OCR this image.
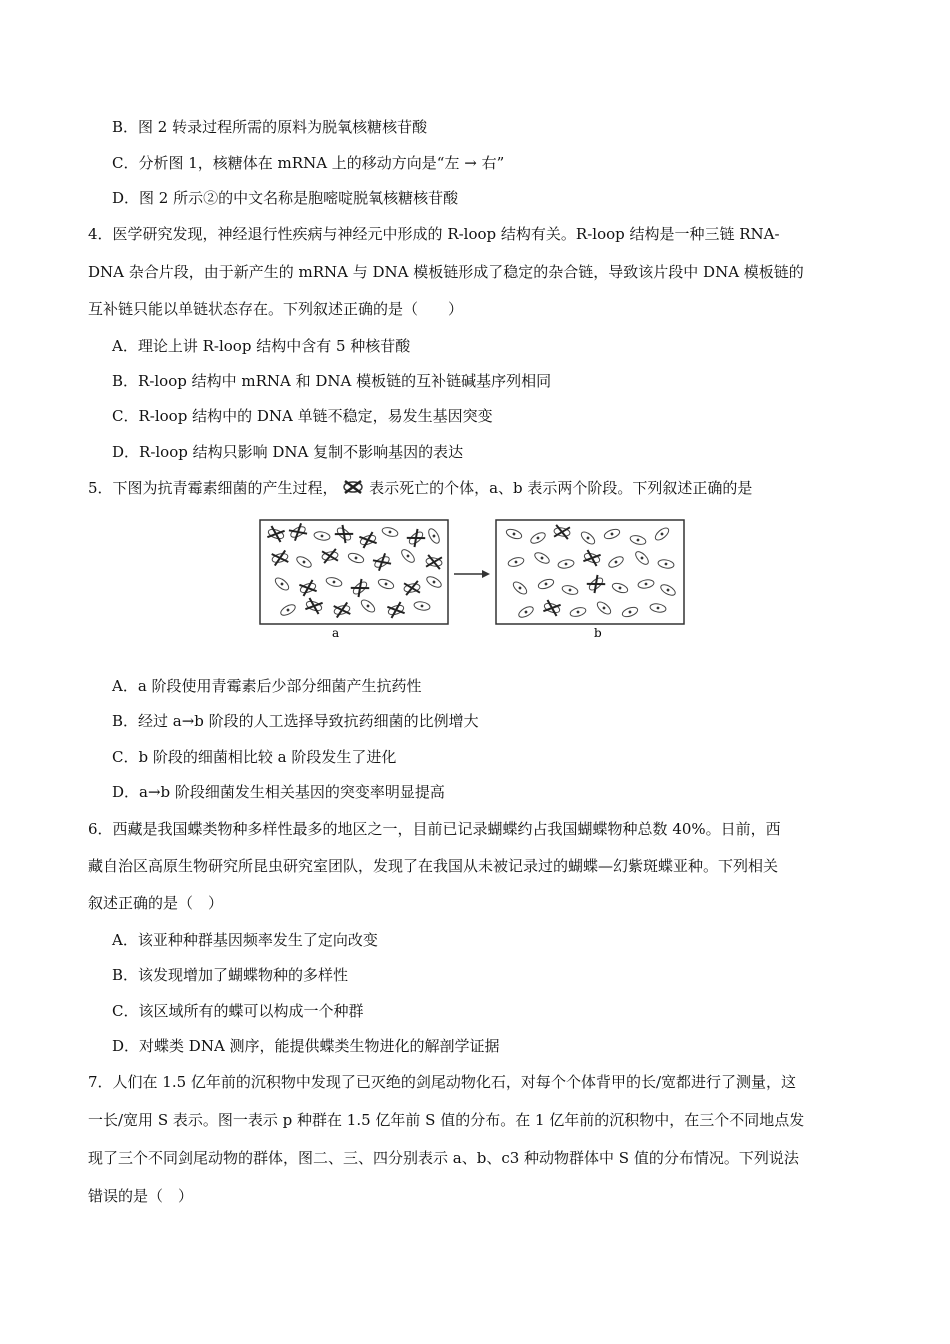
B．图 2 转录过程所需的原料为脱氧核糖核苷酸
C．分析图 1，核糖体在 mRNA 上的移动方向是“左 → 右”
D．图 2 所示②的中文名称是胞嘧啶脱氧核糖核苷酸
4．医学研究发现，神经退行性疾病与神经元中形成的 R-loop 结构有关。R-loop 结构是一种三链 RNA-
DNA 杂合片段，由于新产生的 mRNA 与 DNA 模板链形成了稳定的杂合链，导致该片段中 DNA 模板链的
互补链只能以单链状态存在。下列叙述正确的是（　　）
A．理论上讲 R-loop 结构中含有 5 种核苷酸
B．R-loop 结构中 mRNA 和 DNA 模板链的互补链碱基序列相同
C．R-loop 结构中的 DNA 单链不稳定，易发生基因突变
D．R-loop 结构只影响 DNA 复制不影响基因的表达
5．下图为抗青霉素细菌的产生过程， 表示死亡的个体，a、b 表示两个阶段。下列叙述正确的是
a	b
A．a 阶段使用青霉素后少部分细菌产生抗药性
B．经过 a→b 阶段的人工选择导致抗药细菌的比例增大
C．b 阶段的细菌相比较 a 阶段发生了进化
D．a→b 阶段细菌发生相关基因的突变率明显提高
6．西藏是我国蝶类物种多样性最多的地区之一，目前已记录蝴蝶约占我国蝴蝶物种总数 40%。日前，西
藏自治区高原生物研究所昆虫研究室团队，发现了在我国从未被记录过的蝴蝶—幻紫斑蝶亚种。下列相关
叙述正确的是（　）
A．该亚种种群基因频率发生了定向改变
B．该发现增加了蝴蝶物种的多样性
C．该区域所有的蝶可以构成一个种群
D．对蝶类 DNA 测序，能提供蝶类生物进化的解剖学证据
7．人们在 1.5 亿年前的沉积物中发现了已灭绝的剑尾动物化石，对每个个体背甲的长/宽都进行了测量，这
一长/宽用 S 表示。图一表示 p 种群在 1.5 亿年前 S 值的分布。在 1 亿年前的沉积物中，在三个不同地点发
现了三个不同剑尾动物的群体，图二、三、四分别表示 a、b、c3 种动物群体中 S 值的分布情况。下列说法
错误的是（　）
